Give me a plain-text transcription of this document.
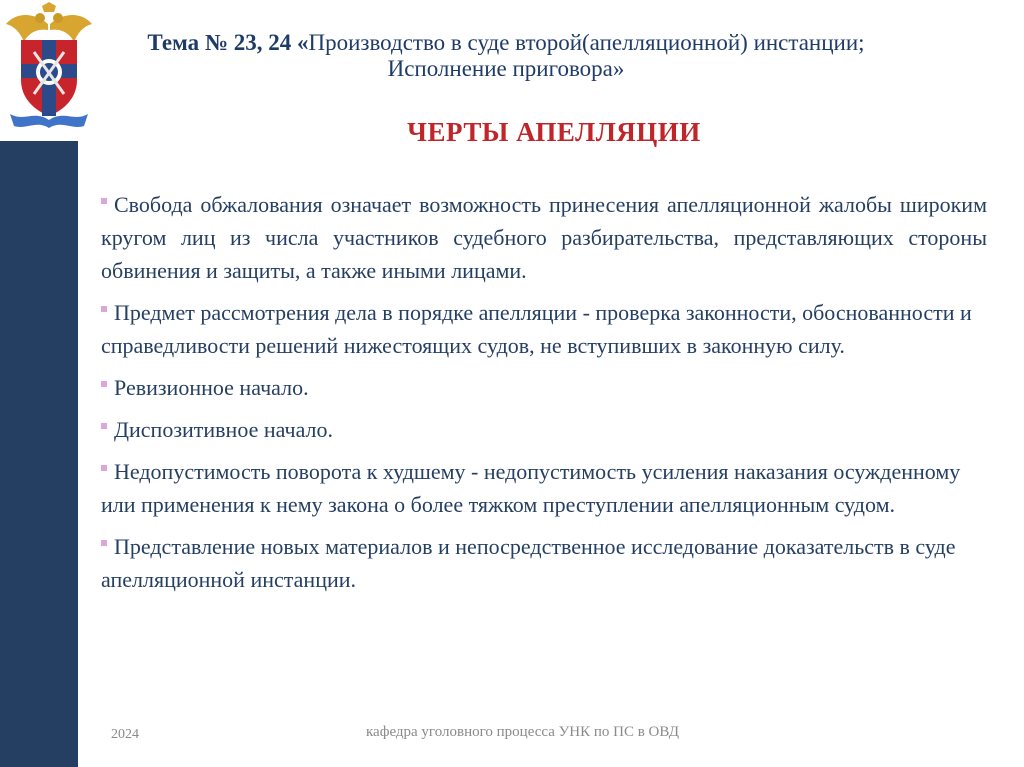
Тема № 23, 24 «Производство в суде второй(апелляционной) инстанции;
Исполнение приговора»
ЧЕРТЫ АПЕЛЛЯЦИИ
Свобода обжалования означает возможность принесения апелляционной жалобы широким кругом лиц из числа участников судебного разбирательства, представляющих стороны обвинения и защиты, а также иными лицами.
Предмет рассмотрения дела в порядке апелляции - проверка законности, обоснованности и справедливости решений нижестоящих судов, не вступивших в законную силу.
Ревизионное начало.
Диспозитивное начало.
Недопустимость поворота к худшему - недопустимость усиления наказания осужденному или применения к нему закона о более тяжком преступлении апелляционным судом.
Представление новых материалов и непосредственное исследование доказательств в суде апелляционной инстанции.
2024	кафедра уголовного процесса УНК по ПС в ОВД
